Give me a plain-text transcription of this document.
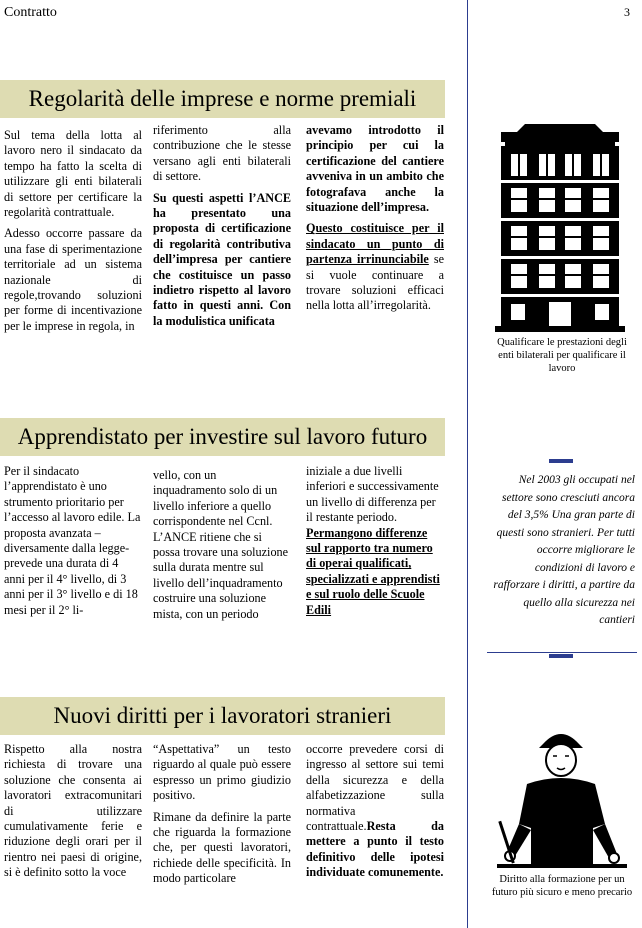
Contratto	3
Regolarità delle imprese e norme premiali

Sul tema della lotta al lavoro nero il sindacato da tempo ha fatto la scelta di utilizzare gli enti bilaterali di settore per certificare la regolarità contrattuale.

Adesso occorre passare da una fase di sperimentazione territoriale ad un sistema nazionale di regole,trovando soluzioni per forme di incentivazione per le imprese in regola, in

riferimento alla contribuzione che le stesse versano agli enti bilaterali di settore.

Su questi aspetti l’ANCE ha presentato una proposta di certificazione di regolarità contributiva dell’impresa per cantiere che costituisce un passo indietro rispetto al lavoro fatto in questi anni. Con la modulistica unificata

avevamo introdotto il principio per cui la certificazione del cantiere avveniva in un ambito che fotografava anche la situazione dell’impresa.

Questo costituisce per il sindacato un punto di partenza irrinunciabile se si vuole continuare a trovare soluzioni efficaci nella lotta all’irregolarità.

Apprendistato per investire sul lavoro futuro

Per il sindacato l’apprendistato è uno strumento prioritario per l’accesso al lavoro edile. La proposta avanzata –diversamente dalla legge- prevede una durata di 4 anni per il 4° livello, di 3 anni per il 3° livello e di 18 mesi per il 2° li-

vello, con un inquadramento solo di un livello inferiore a quello corrispondente nel Ccnl. L’ANCE ritiene che si possa trovare una soluzione sulla durata mentre sul livello dell’inquadramento costruire una soluzione mista, con un periodo

iniziale a due livelli inferiori e successivamente un livello di differenza per il restante periodo. Permangono differenze sul rapporto tra numero di operai qualificati, specializzati e apprendisti e sul ruolo delle Scuole Edili

Nuovi diritti per i lavoratori stranieri

Rispetto alla nostra richiesta di trovare una soluzione che consenta ai lavoratori extracomunitari di utilizzare cumulativamente ferie e riduzione degli orari per il rientro nei paesi di origine, si è definito sotto la voce

“Aspettativa” un testo riguardo al quale può essere espresso un primo giudizio positivo.

Rimane da definire la parte che riguarda la formazione che, per questi lavoratori, richiede delle specificità. In modo particolare

occorre prevedere corsi di ingresso al settore sui temi della sicurezza e della alfabetizzazione sulla normativa contrattuale.Resta da mettere a punto il testo definitivo delle ipotesi individuate comunemente.

Qualificare le prestazioni degli enti bilaterali per qualificare il lavoro
Nel 2003 gli occupati nel settore sono cresciuti ancora del 3,5% Una gran parte di questi sono stranieri. Per tutti occorre migliorare le condizioni di lavoro e rafforzare i diritti, a partire da quello alla sicurezza nei cantieri
Diritto alla formazione per un futuro più sicuro e meno precario
